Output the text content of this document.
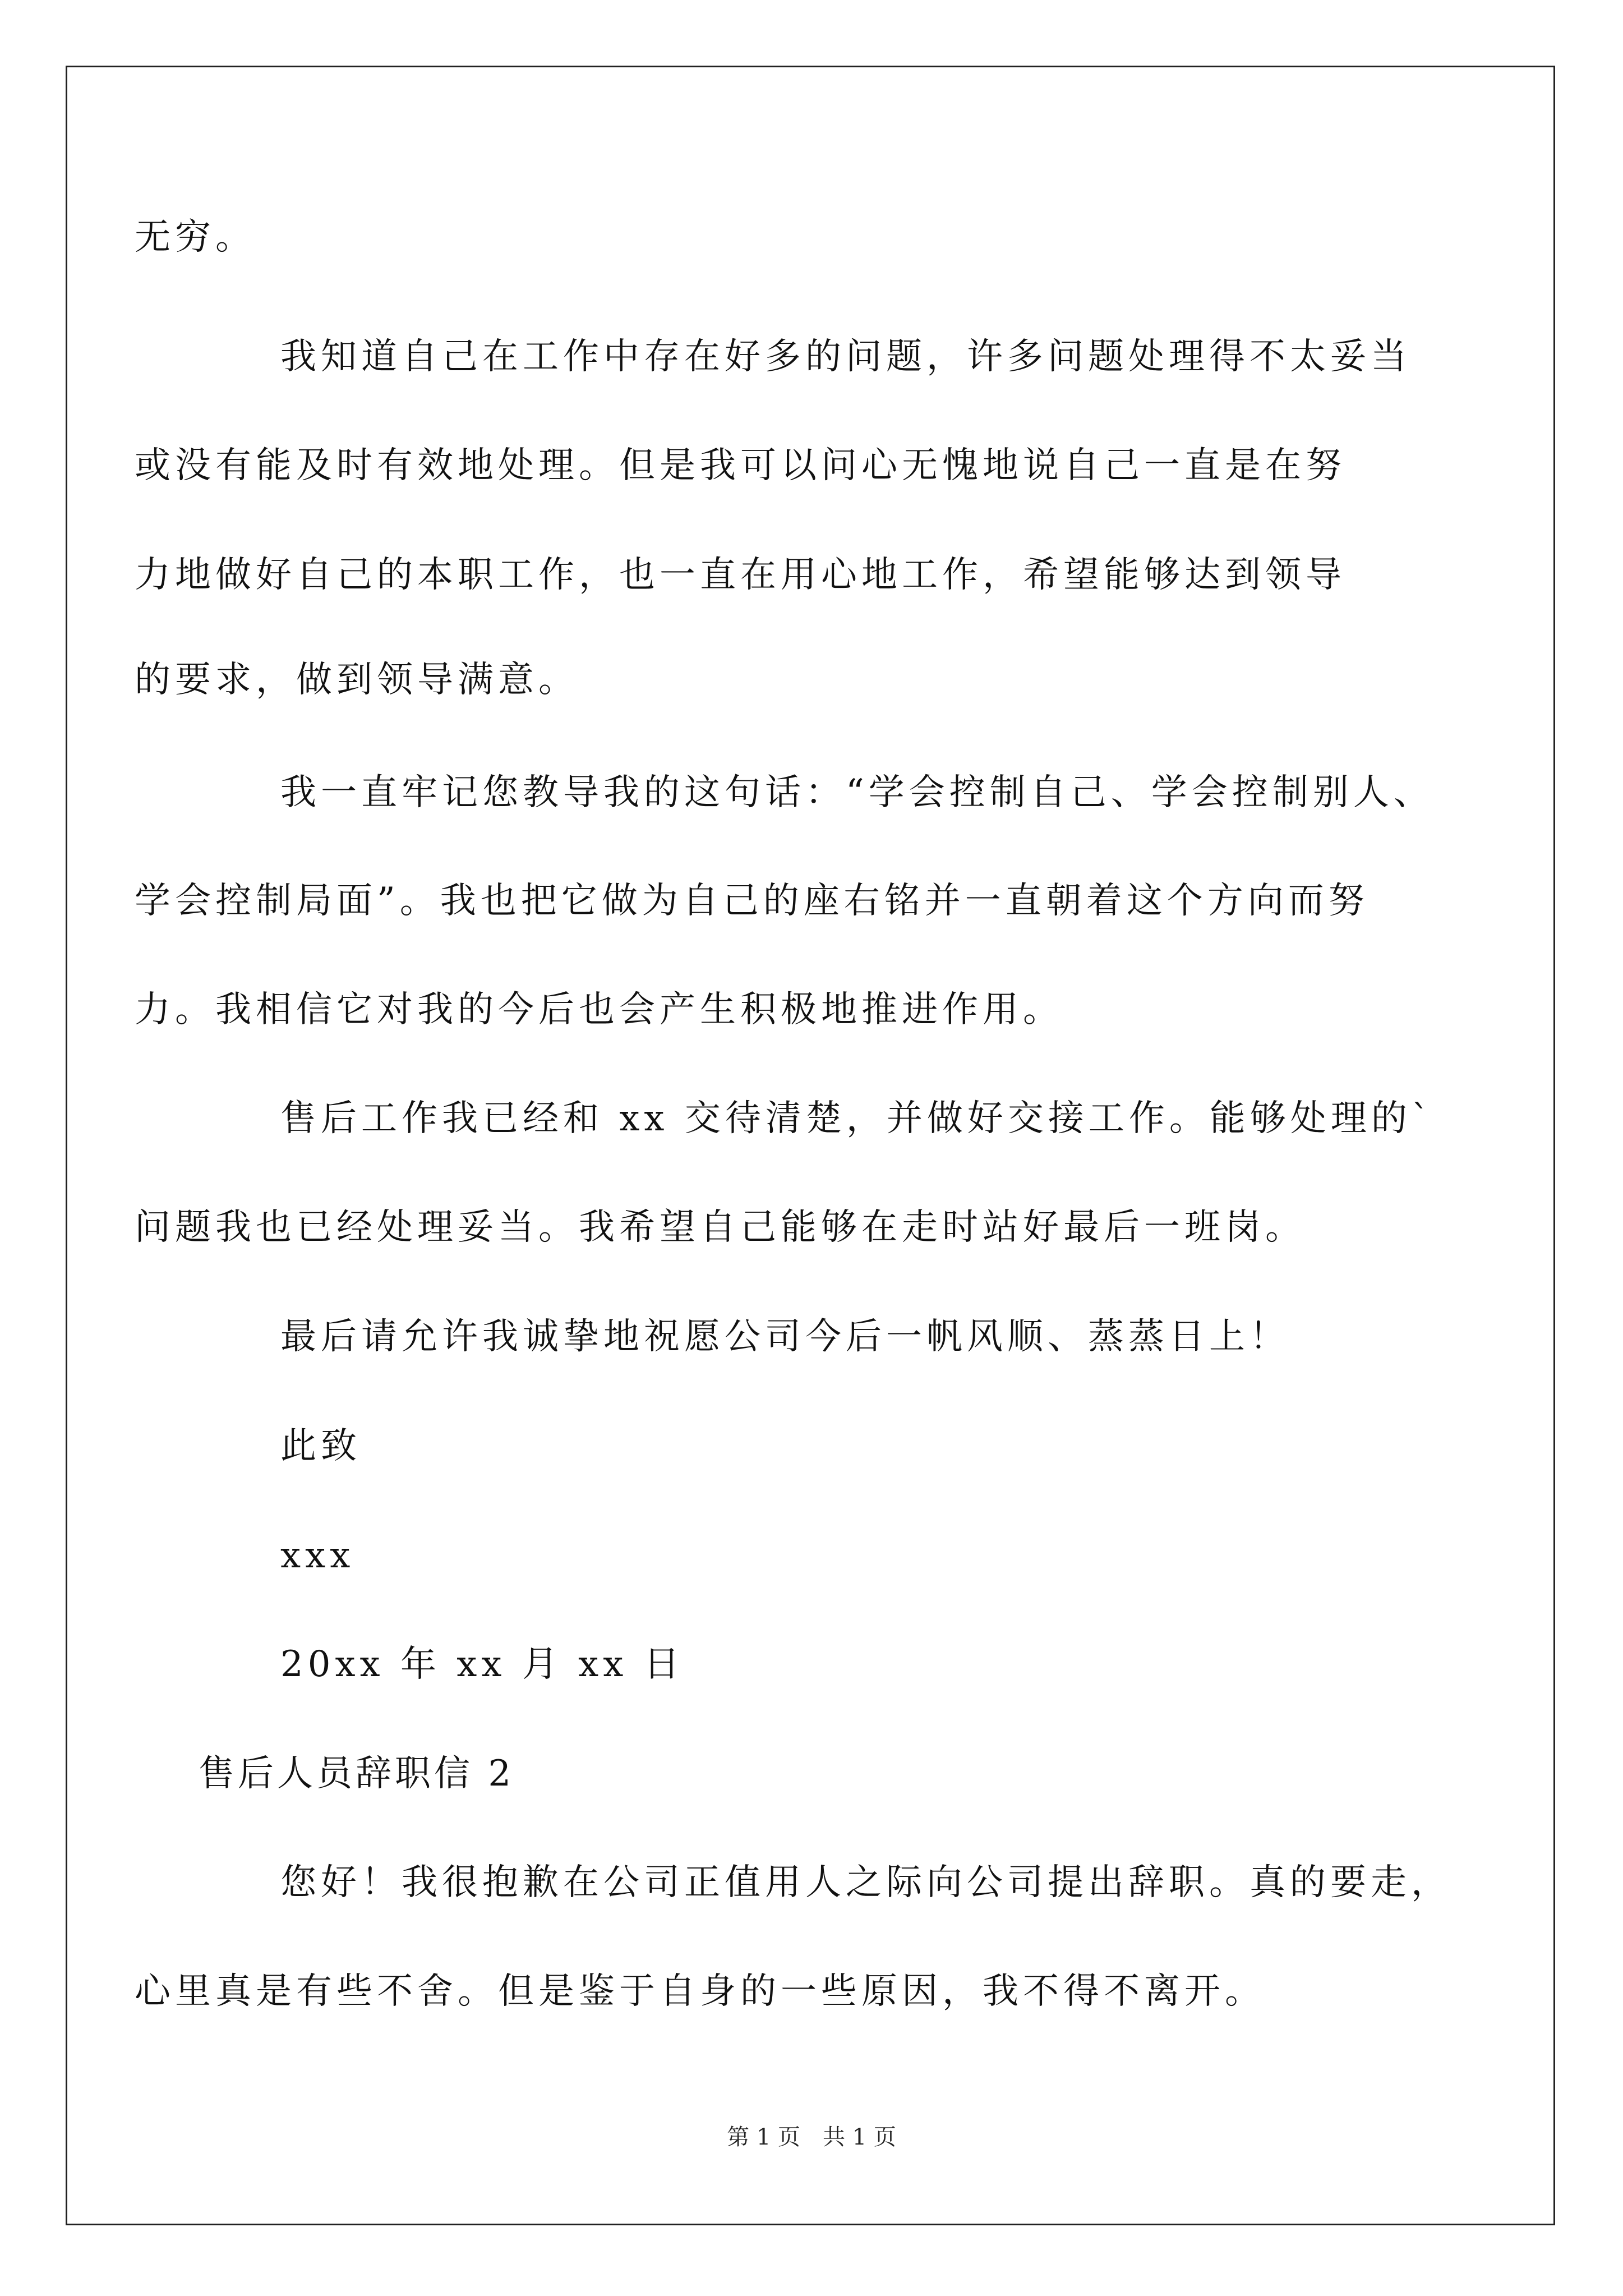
无穷。
我知道自己在工作中存在好多的问题，许多问题处理得不太妥当
或没有能及时有效地处理。但是我可以问心无愧地说自己一直是在努
力地做好自己的本职工作，也一直在用心地工作，希望能够达到领导
的要求，做到领导满意。
我一直牢记您教导我的这句话：“学会控制自己、学会控制别人、
学会控制局面”。我也把它做为自己的座右铭并一直朝着这个方向而努
力。我相信它对我的今后也会产生积极地推进作用。
售后工作我已经和 xx 交待清楚，并做好交接工作。能够处理的`
问题我也已经处理妥当。我希望自己能够在走时站好最后一班岗。
最后请允许我诚挚地祝愿公司今后一帆风顺、蒸蒸日上！
此致
xxx
20xx 年 xx 月 xx 日
售后人员辞职信 2
您好！我很抱歉在公司正值用人之际向公司提出辞职。真的要走，
心里真是有些不舍。但是鉴于自身的一些原因，我不得不离开。
第 1 页　共 1 页
